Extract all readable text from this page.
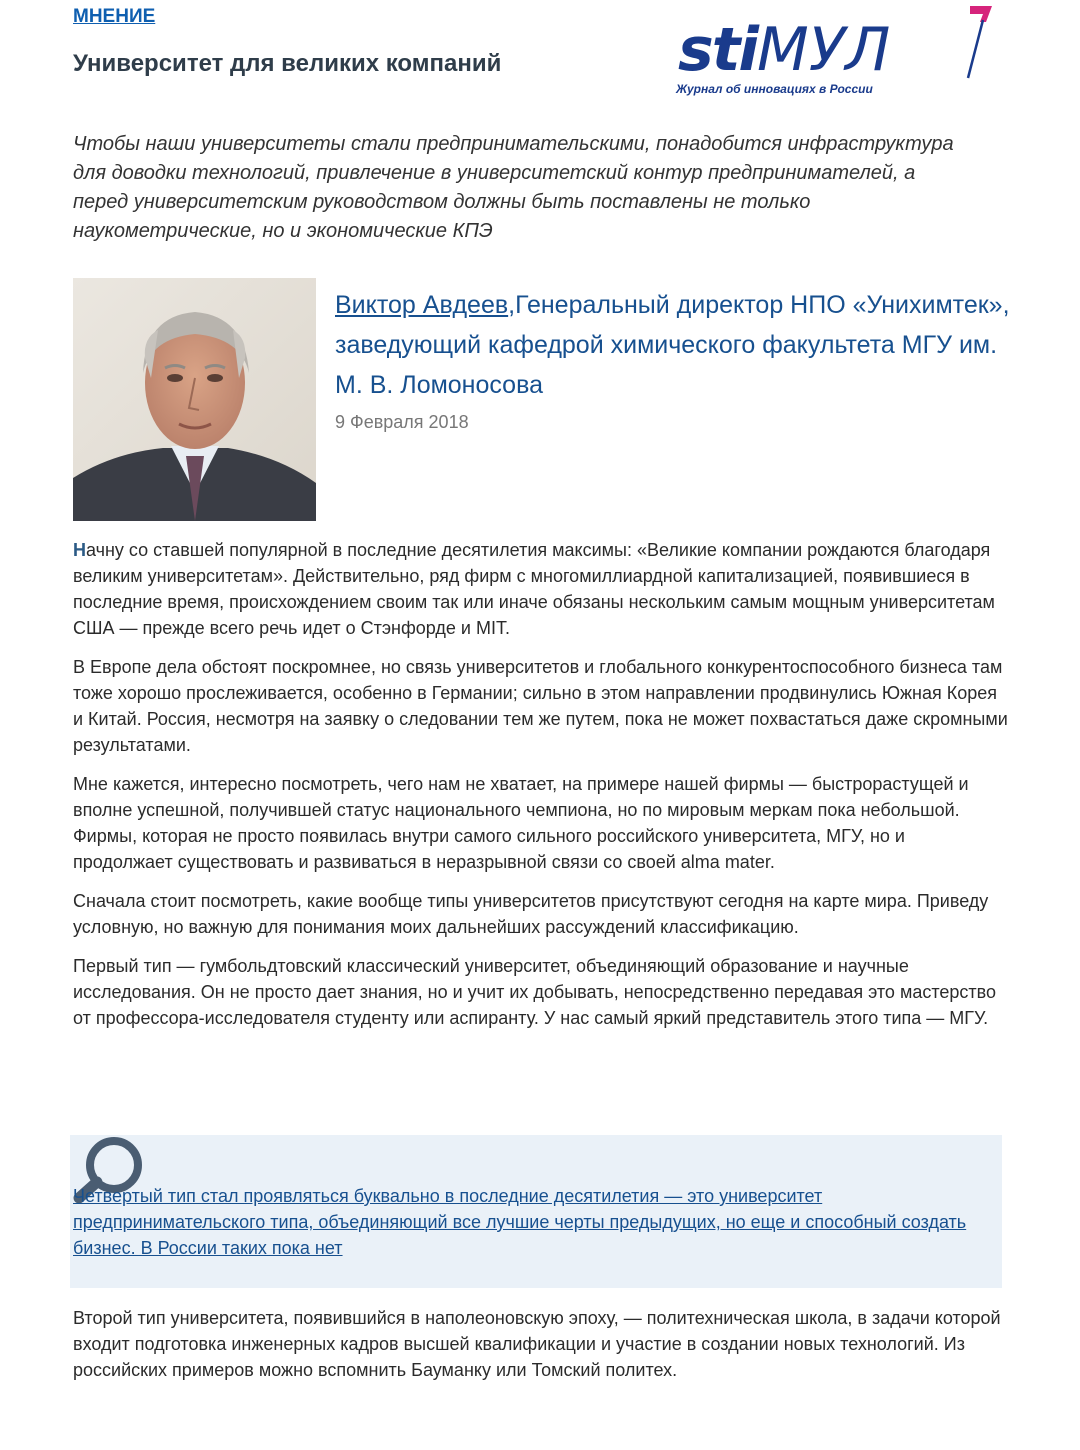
МНЕНИЕ
Университет для великих компаний	stiМУЛ
Журнал об инновациях в России
Чтобы наши университеты стали предпринимательскими, понадобится инфраструктура для доводки технологий, привлечение в университетский контур предпринимателей, а перед университетским руководством должны быть поставлены не только наукометрические, но и экономические КПЭ
Виктор Авдеев,Генеральный директор НПО «Унихимтек», заведующий кафедрой химического факультета МГУ им. М. В. Ломоносова
9 Февраля 2018

Начну со ставшей популярной в последние десятилетия максимы: «Великие компании рождаются благодаря великим университетам». Действительно, ряд фирм с многомиллиардной капитализацией, появившиеся в последние время, происхождением своим так или иначе обязаны нескольким самым мощным университетам США — прежде всего речь идет о Стэнфорде и MIT.

В Европе дела обстоят поскромнее, но связь университетов и глобального конкурентоспособного бизнеса там тоже хорошо прослеживается, особенно в Германии; сильно в этом направлении продвинулись Южная Корея и Китай. Россия, несмотря на заявку о следовании тем же путем, пока не может похвастаться даже скромными результатами.

Мне кажется, интересно посмотреть, чего нам не хватает, на примере нашей фирмы — быстрорастущей и вполне успешной, получившей статус национального чемпиона, но по мировым меркам пока небольшой. Фирмы, которая не просто появилась внутри самого сильного российского университета, МГУ, но и продолжает существовать и развиваться в неразрывной связи со своей alma mater.

Сначала стоит посмотреть, какие вообще типы университетов присутствуют сегодня на карте мира. Приведу условную, но важную для понимания моих дальнейших рассуждений классификацию.

Первый тип — гумбольдтовский классический университет, объединяющий образование и научные исследования. Он не просто дает знания, но и учит их добывать, непосредственно передавая это мастерство от профессора-исследователя студенту или аспиранту. У нас самый яркий представитель этого типа — МГУ.

Четвертый тип стал проявляться буквально в последние десятилетия — это университет предпринимательского типа, объединяющий все лучшие черты предыдущих, но еще и способный создать бизнес. В России таких пока нет

Второй тип университета, появившийся в наполеоновскую эпоху, — политехническая школа, в задачи которой входит подготовка инженерных кадров высшей квалификации и участие в создании новых технологий. Из российских примеров можно вспомнить Бауманку или Томский политех.
